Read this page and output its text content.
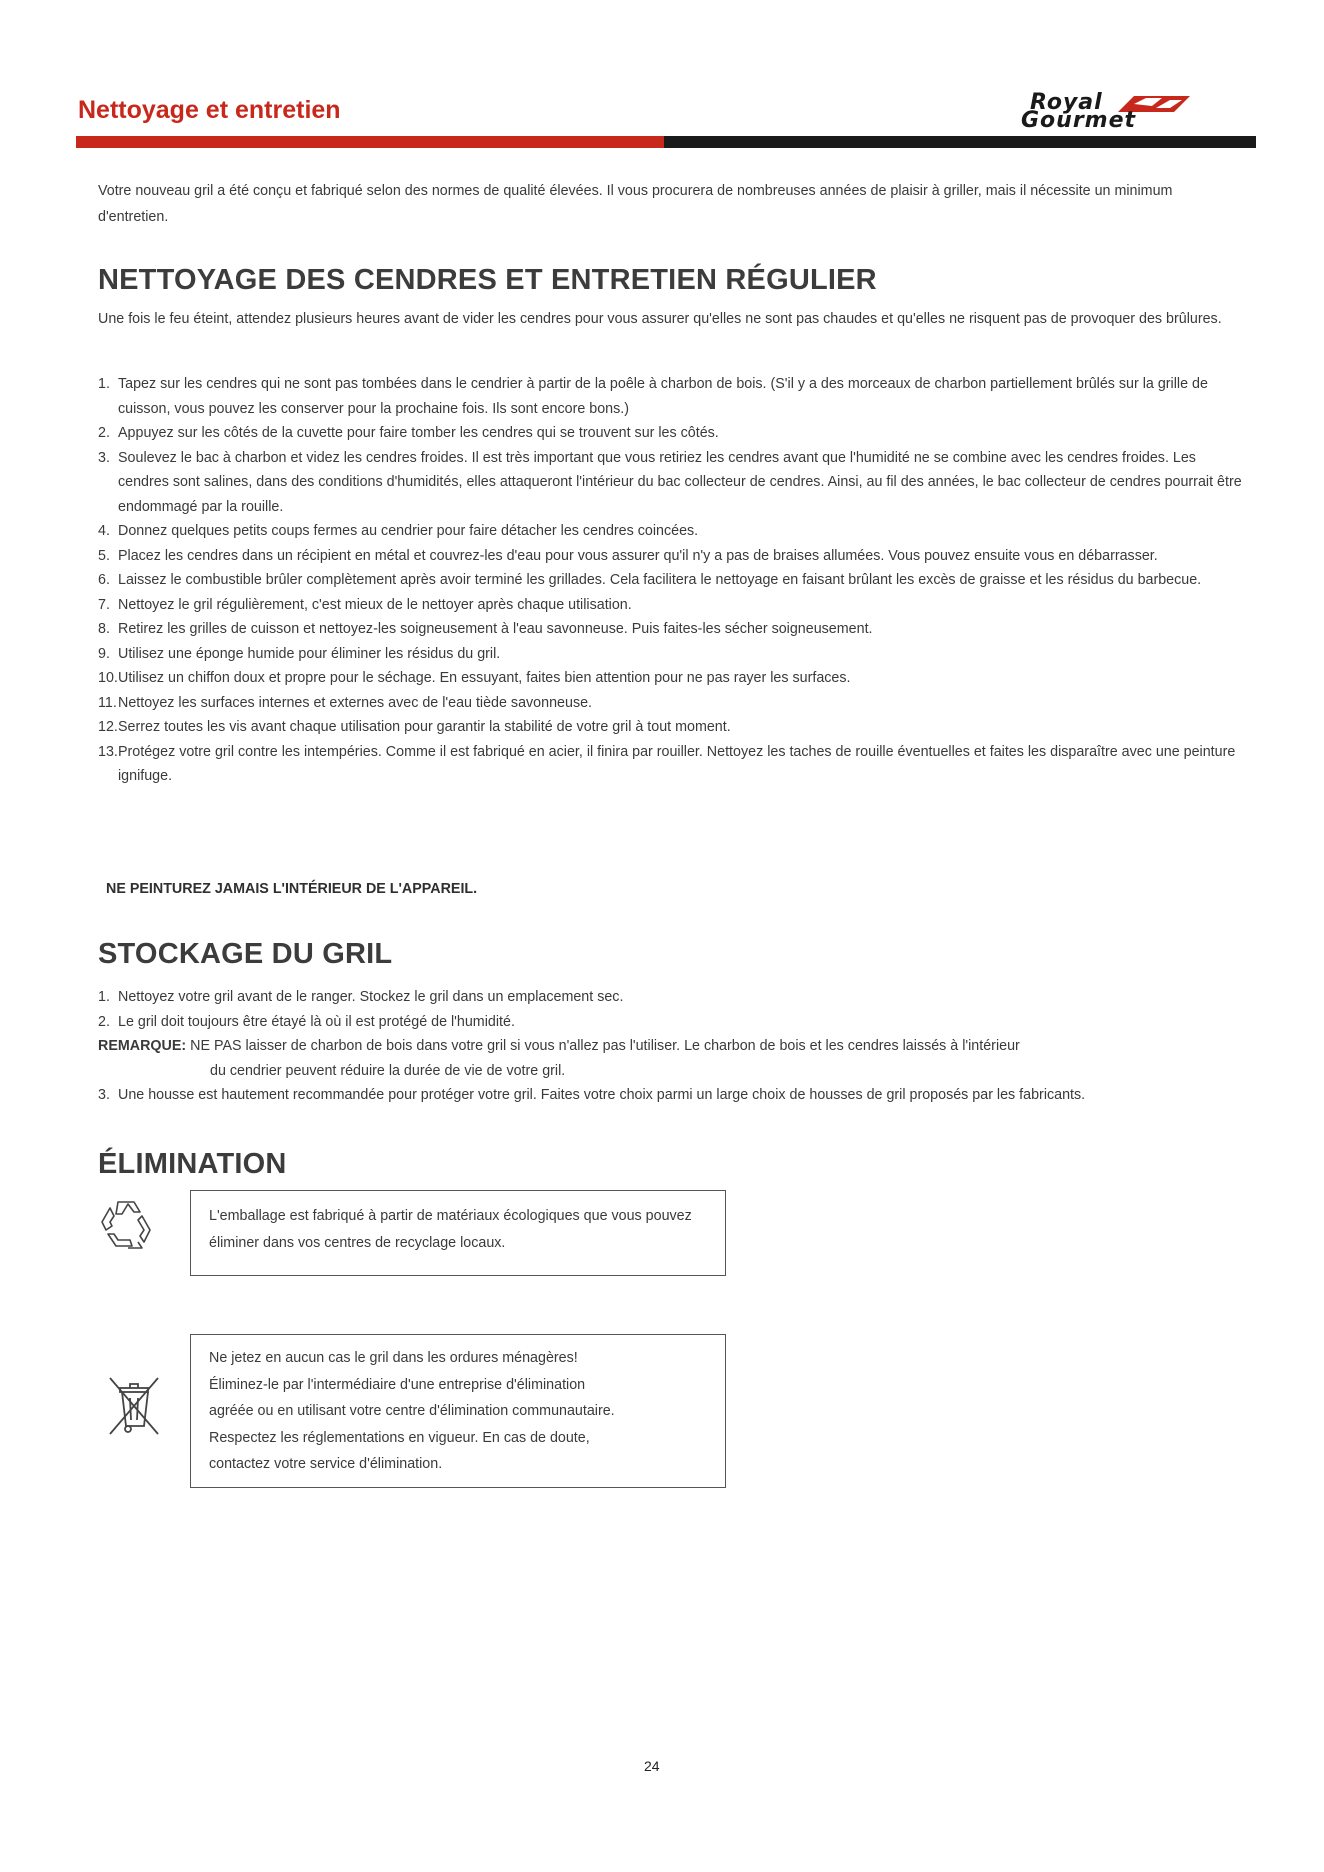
Nettoyage et entretien	Royal
Gourmet

Votre nouveau gril a été conçu et fabriqué selon des normes de qualité élevées. Il vous procurera de nombreuses années de plaisir à griller, mais il nécessite un minimum d'entretien.

NETTOYAGE DES CENDRES ET ENTRETIEN RÉGULIER

Une fois le feu éteint, attendez plusieurs heures avant de vider les cendres pour vous assurer qu'elles ne sont pas chaudes et qu'elles ne risquent pas de provoquer des brûlures.

1. Tapez sur les cendres qui ne sont pas tombées dans le cendrier à partir de la poêle à charbon de bois. (S'il y a des morceaux de charbon partiellement brûlés sur la grille de cuisson, vous pouvez les conserver pour la prochaine fois. Ils sont encore bons.)
2. Appuyez sur les côtés de la cuvette pour faire tomber les cendres qui se trouvent sur les côtés.
3. Soulevez le bac à charbon et videz les cendres froides. Il est très important que vous retiriez les cendres avant que l'humidité ne se combine avec les cendres froides. Les cendres sont salines, dans des conditions d'humidités, elles attaqueront l'intérieur du bac collecteur de cendres. Ainsi, au fil des années, le bac collecteur de cendres pourrait être endommagé par la rouille.
4. Donnez quelques petits coups fermes au cendrier pour faire détacher les cendres coincées.
5. Placez les cendres dans un récipient en métal et couvrez-les d'eau pour vous assurer qu'il n'y a pas de braises allumées. Vous pouvez ensuite vous en débarrasser.
6. Laissez le combustible brûler complètement après avoir terminé les grillades. Cela facilitera le nettoyage en faisant brûlant les excès de graisse et les résidus du barbecue.
7. Nettoyez le gril régulièrement, c'est mieux de le nettoyer après chaque utilisation.
8. Retirez les grilles de cuisson et nettoyez-les soigneusement à l'eau savonneuse. Puis faites-les sécher soigneusement.
9. Utilisez une éponge humide pour éliminer les résidus du gril.
10. Utilisez un chiffon doux et propre pour le séchage. En essuyant, faites bien attention pour ne pas rayer les surfaces.
11. Nettoyez les surfaces internes et externes avec de l'eau tiède savonneuse.
12. Serrez toutes les vis avant chaque utilisation pour garantir la stabilité de votre gril à tout moment.
13. Protégez votre gril contre les intempéries. Comme il est fabriqué en acier, il finira par rouiller. Nettoyez les taches de rouille éventuelles et faites les disparaître avec une peinture ignifuge.
NE PEINTUREZ JAMAIS L'INTÉRIEUR DE L'APPAREIL.
STOCKAGE DU GRIL
1. Nettoyez votre gril avant de le ranger. Stockez le gril dans un emplacement sec.
2. Le gril doit toujours être étayé là où il est protégé de l'humidité.
REMARQUE: NE PAS laisser de charbon de bois dans votre gril si vous n'allez pas l'utiliser. Le charbon de bois et les cendres laissés à l'intérieur
du cendrier peuvent réduire la durée de vie de votre gril.
3. Une housse est hautement recommandée pour protéger votre gril. Faites votre choix parmi un large choix de housses de gril proposés par les fabricants.
ÉLIMINATION
L'emballage est fabriqué à partir de matériaux écologiques que vous pouvez éliminer dans vos centres de recyclage locaux.
Ne jetez en aucun cas le gril dans les ordures ménagères!
Éliminez-le par l'intermédiaire d'une entreprise d'élimination
agréée ou en utilisant votre centre d'élimination communautaire.
Respectez les réglementations en vigueur. En cas de doute,
contactez votre service d'élimination.
24
